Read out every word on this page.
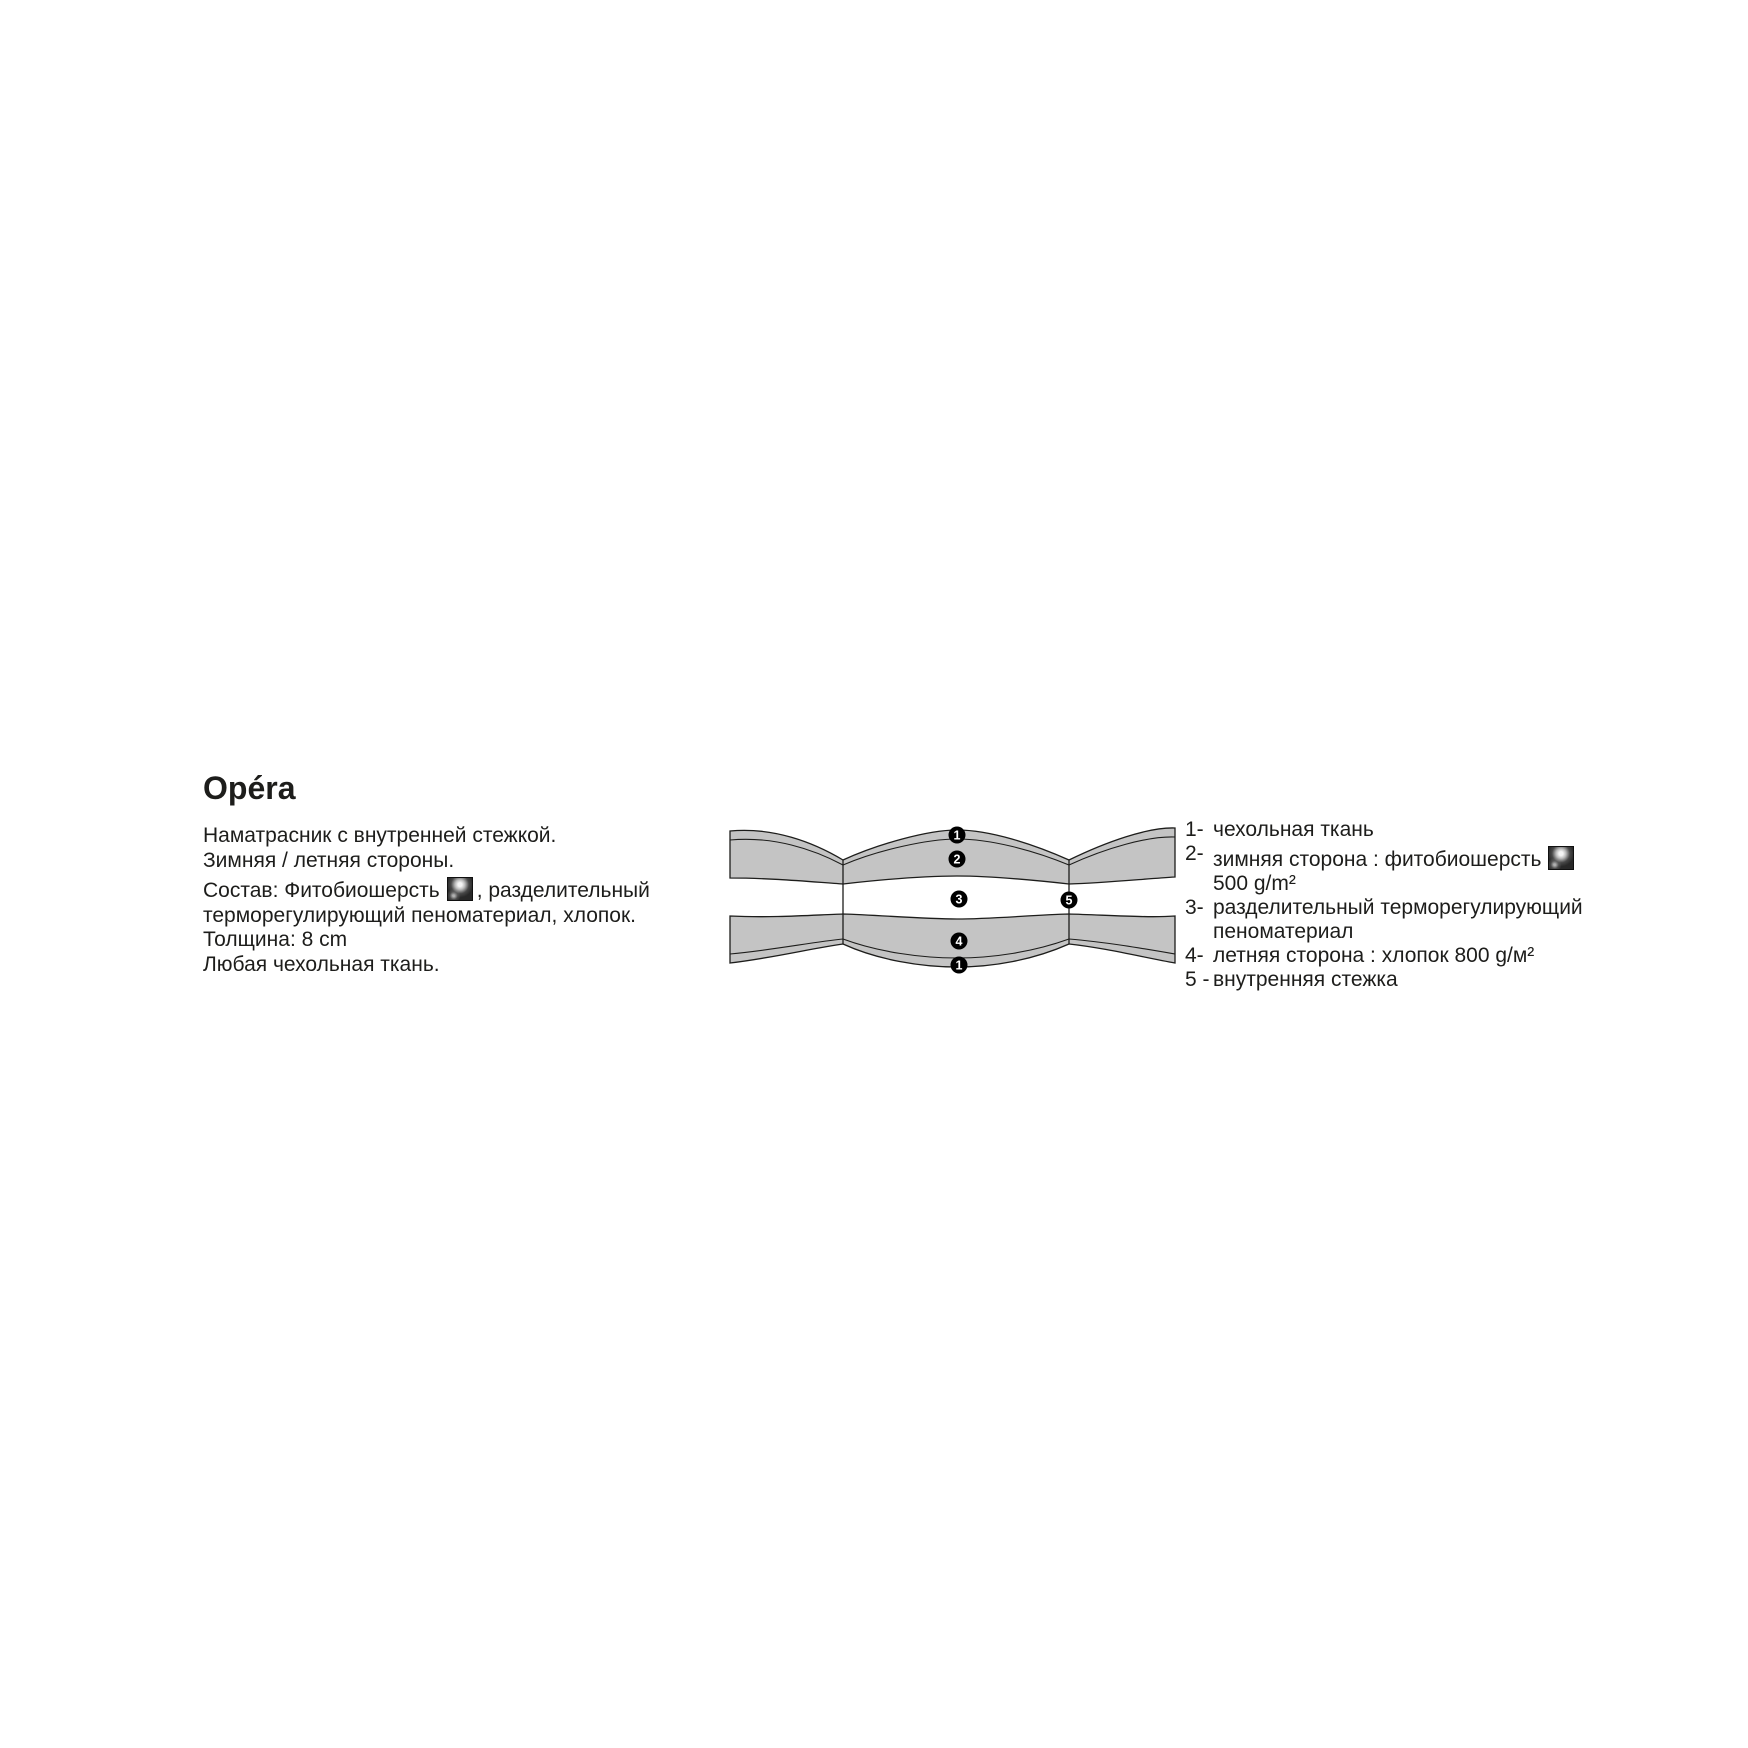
Opéra
Наматрасник с внутренней стежкой.
Зимняя / летняя стороны.
Состав: Фитобиошерсть , разделительный
терморегулирующий пеноматериал, хлопок.
Толщина: 8 cm
Любая чехольная ткань.
1
2
3	5
4
1
1- чехольная ткань
2- зимняя сторона : фитобиошерсть
500 g/m²
3- разделительный терморегулирующий
пеноматериал
4- летняя сторона : хлопок 800 g/м²
5 - внутренняя стежка
